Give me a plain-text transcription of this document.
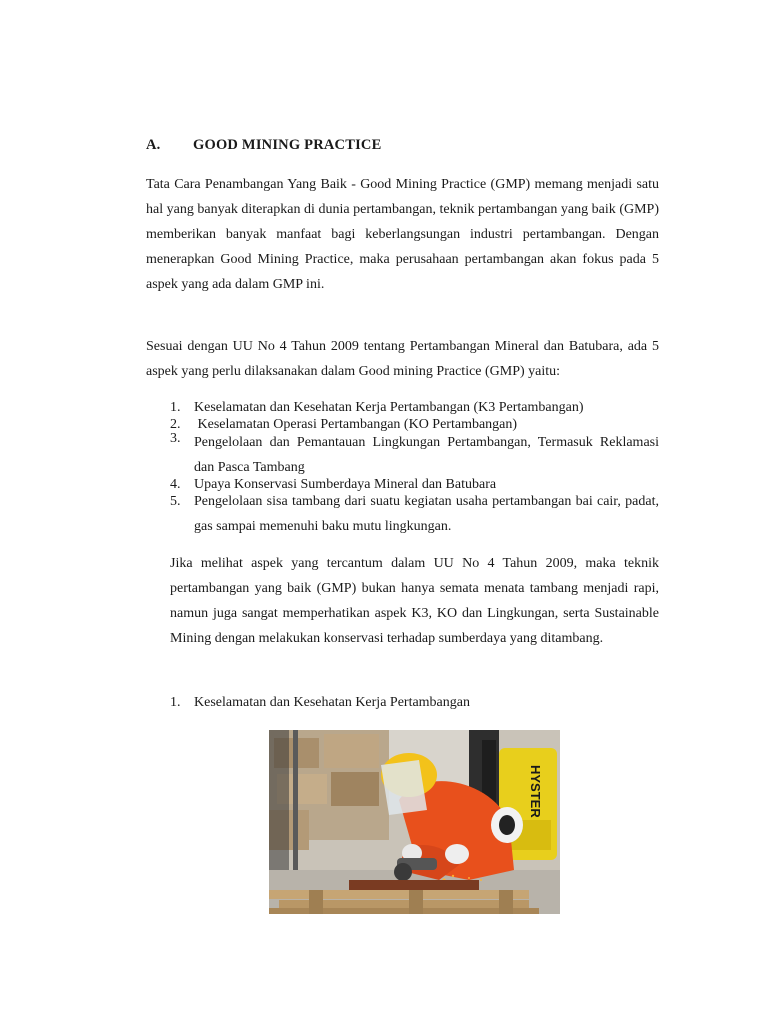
A. GOOD MINING PRACTICE
Tata Cara Penambangan Yang Baik - Good Mining Practice (GMP) memang menjadi satu hal yang banyak diterapkan di dunia pertambangan, teknik pertambangan yang baik (GMP) memberikan banyak manfaat bagi keberlangsungan industri pertambangan. Dengan menerapkan Good Mining Practice, maka perusahaan pertambangan akan fokus pada 5 aspek yang ada dalam GMP ini.
Sesuai dengan UU No 4 Tahun 2009 tentang Pertambangan Mineral dan Batubara, ada 5 aspek yang perlu dilaksanakan dalam Good mining Practice (GMP) yaitu:
1. Keselamatan dan Kesehatan Kerja Pertambangan (K3 Pertambangan)
2. Keselamatan Operasi Pertambangan (KO Pertambangan)
3. Pengelolaan dan Pemantauan Lingkungan Pertambangan, Termasuk Reklamasi dan Pasca Tambang
4. Upaya Konservasi Sumberdaya Mineral dan Batubara
5. Pengelolaan sisa tambang dari suatu kegiatan usaha pertambangan bai cair, padat, gas sampai memenuhi baku mutu lingkungan.
Jika melihat aspek yang tercantum dalam UU No 4 Tahun 2009, maka teknik pertambangan yang baik (GMP) bukan hanya semata menata tambang menjadi rapi, namun juga sangat memperhatikan aspek K3, KO dan Lingkungan, serta Sustainable Mining dengan melakukan konservasi terhadap sumberdaya yang ditambang.
1. Keselamatan dan Kesehatan Kerja Pertambangan
HYSTER
